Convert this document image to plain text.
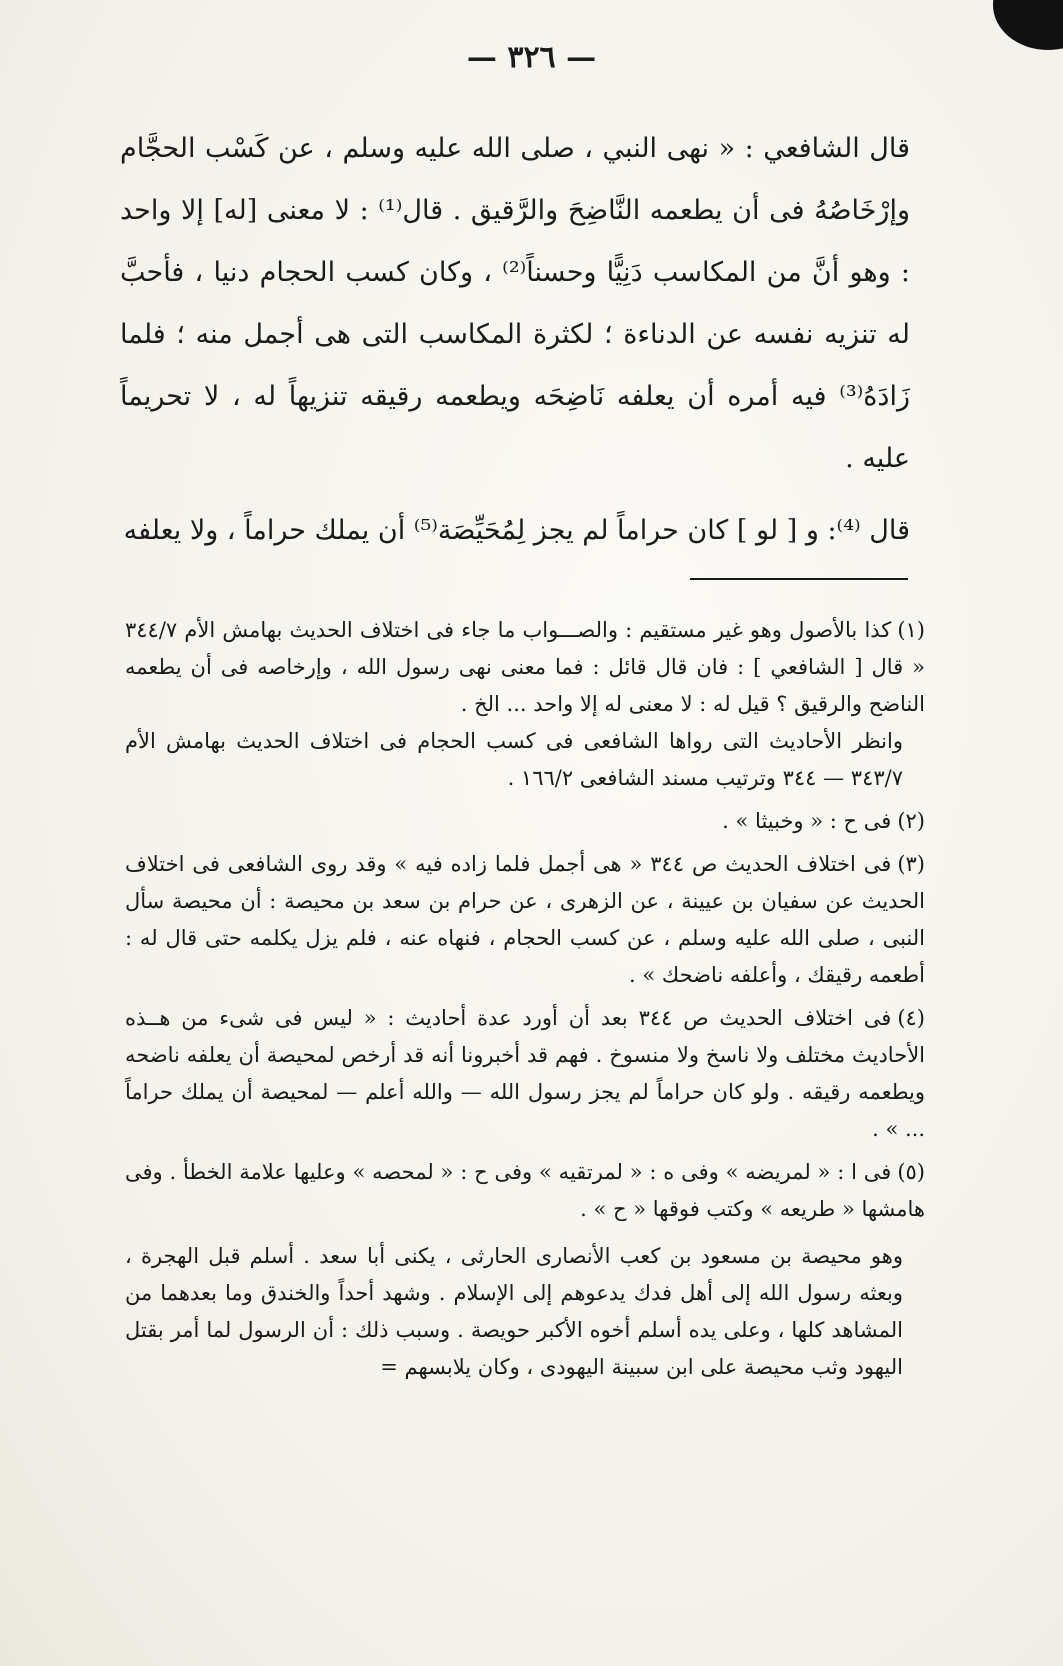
— ٣٢٦ —

قال الشافعي : « نهى النبي ، صلى الله عليه وسلم ، عن كَسْب الحجَّام وإرْخَاصُهُ فى أن يطعمه النَّاضِحَ والرَّقيق . قال⁽¹⁾ : لا معنى [له] إلا واحد : وهو أنَّ من المكاسب دَنِيًّا وحسناً⁽²⁾ ، وكان كسب الحجام دنيا ، فأحبَّ له تنزيه نفسه عن الدناءة ؛ لكثرة المكاسب التى هى أجمل منه ؛ فلما زَادَهُ⁽³⁾ فيه أمره أن يعلفه نَاضِحَه ويطعمه رقيقه تنزيهاً له ، لا تحريماً عليه .

قال ⁽⁴⁾: و [ لو ] كان حراماً لم يجز لِمُحَيِّصَة⁽⁵⁾ أن يملك حراماً ، ولا يعلفه

(١)كذا بالأصول وهو غير مستقيم : والصـــواب ما جاء فى اختلاف الحديث بهامش الأم ٣٤٤/٧ « قال [ الشافعي ] : فان قال قائل : فما معنى نهى رسول الله ، وإرخاصه فى أن يطعمه الناضح والرقيق ؟ قيل له : لا معنى له إلا واحد ... الخ .

وانظر الأحاديث التى رواها الشافعى فى كسب الحجام فى اختلاف الحديث بهامش الأم ٣٤٣/٧ — ٣٤٤ وترتيب مسند الشافعى ١٦٦/٢ .

(٢)فى ح : « وخبيثا » .
(٣)فى اختلاف الحديث ص ٣٤٤ « هى أجمل فلما زاده فيه » وقد روى الشافعى فى اختلاف الحديث عن سفيان بن عيينة ، عن الزهرى ، عن حرام بن سعد بن محيصة : أن محيصة سأل النبى ، صلى الله عليه وسلم ، عن كسب الحجام ، فنهاه عنه ، فلم يزل يكلمه حتى قال له : أطعمه رقيقك ، وأعلفه ناضحك » .
(٤)فى اختلاف الحديث ص ٣٤٤ بعد أن أورد عدة أحاديث : « ليس فى شىء من هــذه الأحاديث مختلف ولا ناسخ ولا منسوخ . فهم قد أخبرونا أنه قد أرخص لمحيصة أن يعلفه ناضحه ويطعمه رقيقه . ولو كان حراماً لم يجز رسول الله — والله أعلم — لمحيصة أن يملك حراماً ... » .
(٥)فى ا : « لمريضه » وفى ه : « لمرتقيه » وفى ح : « لمحصه » وعليها علامة الخطأ . وفى هامشها « طريعه » وكتب فوقها « ح » .

وهو محيصة بن مسعود بن كعب الأنصارى الحارثى ، يكنى أبا سعد . أسلم قبل الهجرة ، وبعثه رسول الله إلى أهل فدك يدعوهم إلى الإسلام . وشهد أحداً والخندق وما بعدهما من المشاهد كلها ، وعلى يده أسلم أخوه الأكبر حويصة . وسبب ذلك : أن الرسول لما أمر بقتل اليهود وثب محيصة على ابن سبينة اليهودى ، وكان يلابسهم =
